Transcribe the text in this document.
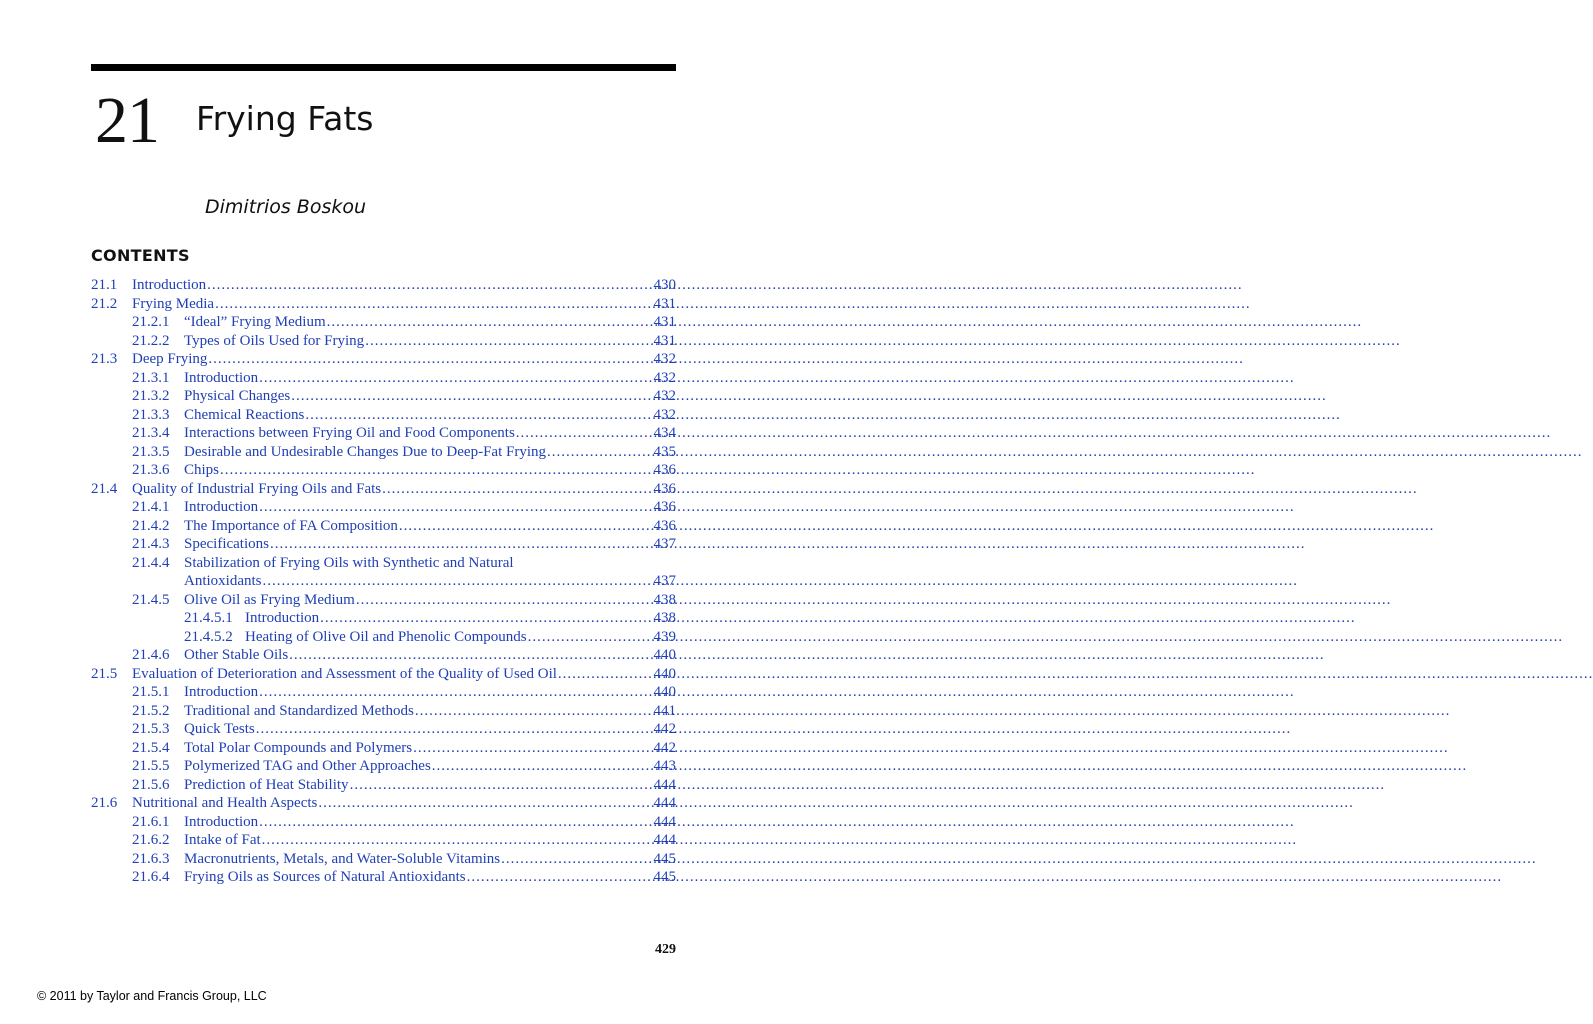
21 Frying Fats
Dimitrios Boskou
CONTENTS
21.1 Introduction .....	430
21.2 Frying Media .....	431
21.2.1 “Ideal” Frying Medium .....	431
21.2.2 Types of Oils Used for Frying .....	431
21.3 Deep Frying .....	432
21.3.1 Introduction .....	432
21.3.2 Physical Changes .....	432
21.3.3 Chemical Reactions .....	432
21.3.4 Interactions between Frying Oil and Food Components .....	434
21.3.5 Desirable and Undesirable Changes Due to Deep-Fat Frying .....	435
21.3.6 Chips .....	436
21.4 Quality of Industrial Frying Oils and Fats .....	436
21.4.1 Introduction .....	436
21.4.2 The Importance of FA Composition .....	436
21.4.3 Specifications .....	437
21.4.4 Stabilization of Frying Oils with Synthetic and Natural
Antioxidants .....	437
21.4.5 Olive Oil as Frying Medium .....	438
21.4.5.1 Introduction .....	438
21.4.5.2 Heating of Olive Oil and Phenolic Compounds .....	439
21.4.6 Other Stable Oils .....	440
21.5 Evaluation of Deterioration and Assessment of the Quality of Used Oil .....	440
21.5.1 Introduction .....	440
21.5.2 Traditional and Standardized Methods .....	441
21.5.3 Quick Tests .....	442
21.5.4 Total Polar Compounds and Polymers .....	442
21.5.5 Polymerized TAG and Other Approaches .....	443
21.5.6 Prediction of Heat Stability .....	444
21.6 Nutritional and Health Aspects .....	444
21.6.1 Introduction .....	444
21.6.2 Intake of Fat .....	444
21.6.3 Macronutrients, Metals, and Water-Soluble Vitamins .....	445
21.6.4 Frying Oils as Sources of Natural Antioxidants .....	445
429
© 2011 by Taylor and Francis Group, LLC
